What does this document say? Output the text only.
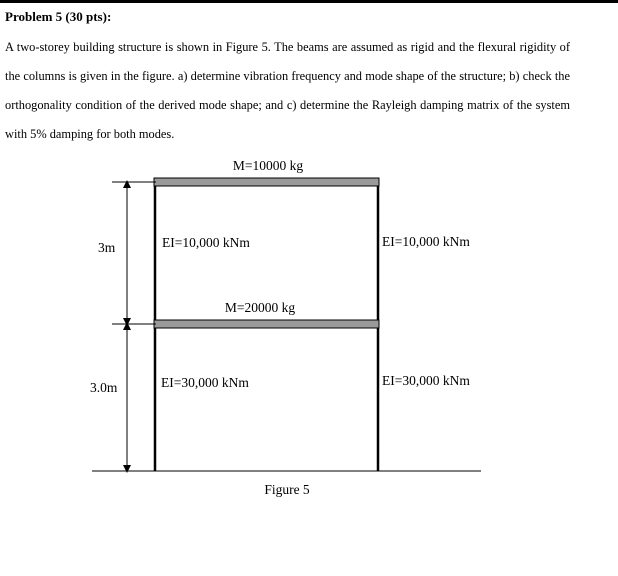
Problem 5 (30 pts):

A two-storey building structure is shown in Figure 5. The beams are assumed as rigid and the flexural rigidity of the columns is given in the figure. a) determine vibration frequency and mode shape of the structure; b) check the orthogonality condition of the derived mode shape; and c) determine the Rayleigh damping matrix of the system with 5% damping for both modes.

M=10000 kg
M=20000 kg
3m
3.0m
EI=10,000 kNm	EI=10,000 kNm
EI=30,000 kNm	EI=30,000 kNm
Figure 5
